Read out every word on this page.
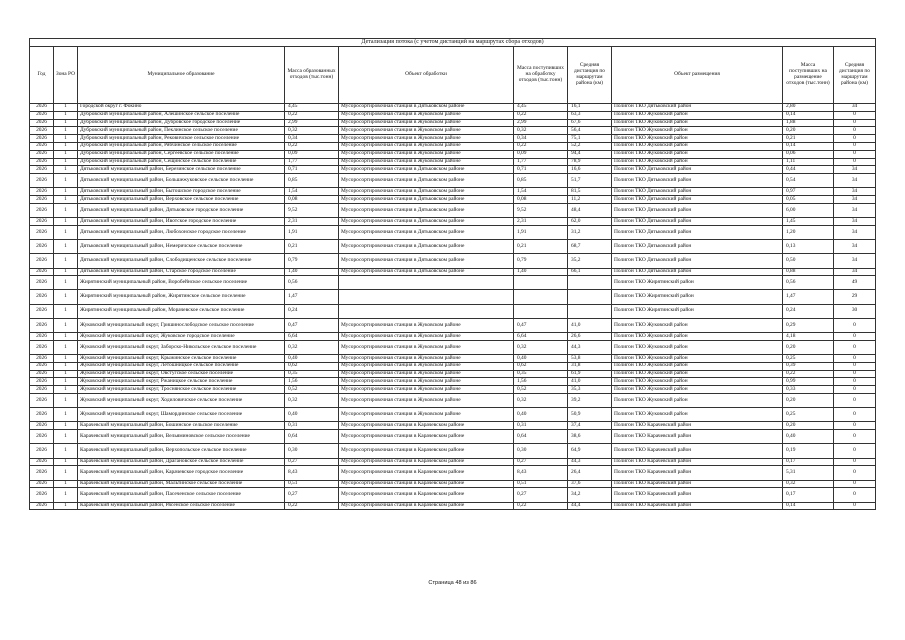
Детализация потока (с учетом дистанций на маршрутах сбора отходов)									
Год	Зона РО	Муниципальное образование	Масса образованных отходов (тыс.тонн)	Объект обработки	Масса поступивших на обработку отходов (тыс.тонн)	Средняя дистанция по маршрутам района (км)	Объект размещения	Масса поступивших на размещение отходов (тыс.тонн)	Средняя дистанция по маршрутам района (км)
2026	1	Городской округ г. Фокино	4,45	Мусоросортировочная станция в Дятьковском районе	4,45	16,1	Полигон ТКО Дятьковский район	2,80	34
2026	1	Дубровский муниципальный район, Алешинское сельское поселение	0,22	Мусоросортировочная станция в Жуковском районе	0,22	63,3	Полигон ТКО Жуковский район	0,14	0
2026	1	Дубровский муниципальный район, Дубровское городское поселение	2,99	Мусоросортировочная станция в Жуковском районе	2,99	67,6	Полигон ТКО Жуковский район	1,88	0
2026	1	Дубровский муниципальный район, Пеклинское сельское поселение	0,32	Мусоросортировочная станция в Жуковском районе	0,32	56,4	Полигон ТКО Жуковский район	0,20	0
2026	1	Дубровский муниципальный район, Рековичское сельское поселение	0,34	Мусоросортировочная станция в Жуковском районе	0,34	75,1	Полигон ТКО Жуковский район	0,21	0
2026	1	Дубровский муниципальный район, Рябчинское сельское поселение	0,22	Мусоросортировочная станция в Жуковском районе	0,22	52,2	Полигон ТКО Жуковский район	0,14	0
2026	1	Дубровский муниципальный район, Сергеевское сельское поселение	0,09	Мусоросортировочная станция в Жуковском районе	0,09	94,4	Полигон ТКО Жуковский район	0,06	0
2026	1	Дубровский муниципальный район, Сещинское сельское поселение	1,77	Мусоросортировочная станция в Жуковском районе	1,77	78,9	Полигон ТКО Жуковский район	1,11	0
2026	1	Дятьковский муниципальный район, Березинское сельское поселение	0,71	Мусоросортировочная станция в Дятьковском районе	0,71	16,6	Полигон ТКО Дятьковский район	0,44	34
2026	1	Дятьковский муниципальный район, Большежуковское сельское поселение	0,85	Мусоросортировочная станция в Дятьковском районе	0,85	51,7	Полигон ТКО Дятьковский район	0,54	34
2026	1	Дятьковский муниципальный район, Бытошское городское поселение	1,54	Мусоросортировочная станция в Дятьковском районе	1,54	81,5	Полигон ТКО Дятьковский район	0,97	34
2026	1	Дятьковский муниципальный район, Верховское сельское поселение	0,08	Мусоросортировочная станция в Дятьковском районе	0,08	11,2	Полигон ТКО Дятьковский район	0,05	34
2026	1	Дятьковский муниципальный район, Дятьковское городское поселение	9,52	Мусоросортировочная станция в Дятьковском районе	9,52	48,4	Полигон ТКО Дятьковский район	6,00	34
2026	1	Дятьковский муниципальный район, Ивотское городское поселение	2,31	Мусоросортировочная станция в Дятьковском районе	2,31	62,0	Полигон ТКО Дятьковский район	1,45	34
2026	1	Дятьковский муниципальный район, Любохонское городское поселение	1,91	Мусоросортировочная станция в Дятьковском районе	1,91	31,2	Полигон ТКО Дятьковский район	1,20	34
2026	1	Дятьковский муниципальный район, Немеричское сельское поселение	0,21	Мусоросортировочная станция в Дятьковском районе	0,21	68,7	Полигон ТКО Дятьковский район	0,13	34
2026	1	Дятьковский муниципальный район, Слободищенское сельское поселение	0,79	Мусоросортировочная станция в Дятьковском районе	0,79	35,2	Полигон ТКО Дятьковский район	0,50	34
2026	1	Дятьковский муниципальный район, Старское городское поселение	1,40	Мусоросортировочная станция в Дятьковском районе	1,40	66,1	Полигон ТКО Дятьковский район	0,88	34
2026	1	Жирятинский муниципальный район, Воробейнское сельское поселение	0,56				Полигон ТКО Жирятинский район	0,56	49
2026	1	Жирятинский муниципальный район, Жирятинское сельское поселение	1,47				Полигон ТКО Жирятинский район	1,47	29
2026	1	Жирятинский муниципальный район, Морачевское сельское поселение	0,24				Полигон ТКО Жирятинский район	0,24	30
2026	1	Жуковский муниципальный округ, Гришинослободское сельское поселение	0,47	Мусоросортировочная станция в Жуковском районе	0,47	41,0	Полигон ТКО Жуковский район	0,29	0
2026	1	Жуковский муниципальный округ, Жуковское городское поселение	6,64	Мусоросортировочная станция в Жуковском районе	6,64	26,6	Полигон ТКО Жуковский район	4,18	0
2026	1	Жуковский муниципальный округ, Заборско-Никольское сельское поселение	0,32	Мусоросортировочная станция в Жуковском районе	0,32	44,3	Полигон ТКО Жуковский район	0,20	0
2026	1	Жуковский муниципальный округ, Крыжинское сельское поселение	0,40	Мусоросортировочная станция в Жуковском районе	0,40	53,8	Полигон ТКО Жуковский район	0,25	0
2026	1	Жуковский муниципальный округ, Летошницкое сельское поселение	0,62	Мусоросортировочная станция в Жуковском районе	0,62	31,8	Полигон ТКО Жуковский район	0,39	0
2026	1	Жуковский муниципальный округ, Овстугское сельское поселение	0,35	Мусоросортировочная станция в Жуковском районе	0,35	61,9	Полигон ТКО Жуковский район	0,22	0
2026	1	Жуковский муниципальный округ, Ржаницкое сельское поселение	1,56	Мусоросортировочная станция в Жуковском районе	1,56	41,0	Полигон ТКО Жуковский район	0,99	0
2026	1	Жуковский муниципальный округ, Троснянское сельское поселение	0,52	Мусоросортировочная станция в Жуковском районе	0,52	35,3	Полигон ТКО Жуковский район	0,33	0
2026	1	Жуковский муниципальный округ, Ходиловичское сельское поселение	0,32	Мусоросортировочная станция в Жуковском районе	0,32	39,2	Полигон ТКО Жуковский район	0,20	0
2026	1	Жуковский муниципальный округ, Шамординское сельское поселение	0,40	Мусоросортировочная станция в Жуковском районе	0,40	50,9	Полигон ТКО Жуковский район	0,25	0
2026	1	Карачевский муниципальный район, Бошинское сельское поселение	0,31	Мусоросортировочная станция в Карачевском районе	0,31	37,4	Полигон ТКО Карачевский район	0,20	0
2026	1	Карачевский муниципальный район, Вельяминовское сельское поселение	0,64	Мусоросортировочная станция в Карачевском районе	0,64	38,6	Полигон ТКО Карачевский район	0,40	0
2026	1	Карачевский муниципальный район, Верхопольское сельское поселение	0,30	Мусоросортировочная станция в Карачевском районе	0,30	64,9	Полигон ТКО Карачевский район	0,19	0
2026	1	Карачевский муниципальный район, Драгановское сельское поселение	0,27	Мусоросортировочная станция в Карачевском районе	0,27	44,3	Полигон ТКО Карачевский район	0,17	0
2026	1	Карачевский муниципальный район, Карачевское городское поселение	8,43	Мусоросортировочная станция в Карачевском районе	8,43	26,4	Полигон ТКО Карачевский район	5,31	0
2026	1	Карачевский муниципальный район, Мальтинское сельское поселение	0,51	Мусоросортировочная станция в Карачевском районе	0,51	37,6	Полигон ТКО Карачевский район	0,32	0
2026	1	Карачевский муниципальный район, Пасеченское сельское поселение	0,27	Мусоросортировочная станция в Карачевском районе	0,27	34,2	Полигон ТКО Карачевский район	0,17	0
2026	1	Карачевский муниципальный район, Рясенское сельское поселение	0,22	Мусоросортировочная станция в Карачевском районе	0,22	44,4	Полигон ТКО Карачевский район	0,14	0
Страница 48 из 86
